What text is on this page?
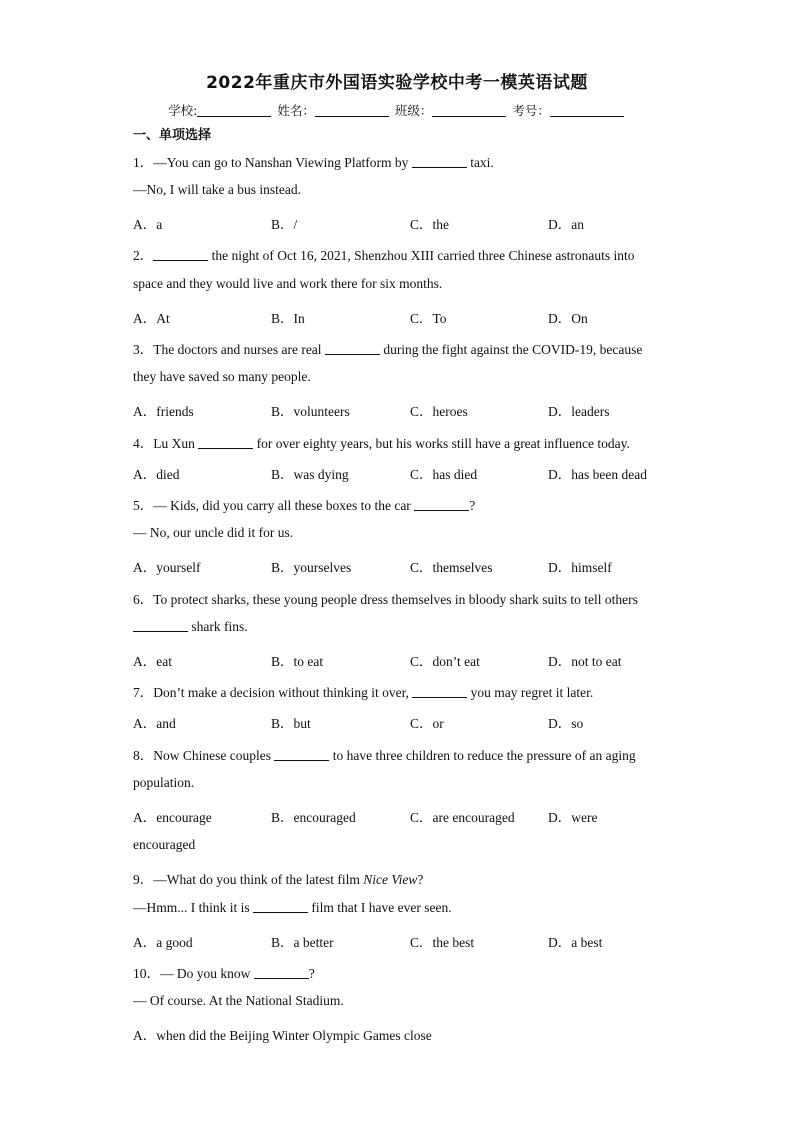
2022年重庆市外国语实验学校中考一模英语试题
学校:	姓名：	班级：	考号：
一、单项选择
1．—You can go to Nanshan Viewing Platform by	taxi.
—No, I will take a bus instead.
A．a	B．/	C．the	D．an
2．	the night of Oct 16, 2021, Shenzhou XIII carried three Chinese astronauts into
space and they would live and work there for six months.
A．At	B．In	C．To	D．On
3．The doctors and nurses are real	during the fight against the COVID-19, because
they have saved so many people.
A．friends	B．volunteers	C．heroes	D．leaders
4．Lu Xun	for over eighty years, but his works still have a great influence today.
A．died	B．was dying	C．has died	D．has been dead
5．— Kids, did you carry all these boxes to the car	?
— No, our uncle did it for us.
A．yourself	B．yourselves	C．themselves	D．himself
6．To protect sharks, these young people dress themselves in bloody shark suits to tell others
shark fins.
A．eat	B．to eat	C．don’t eat	D．not to eat
7．Don’t make a decision without thinking it over,	you may regret it later.
A．and	B．but	C．or	D．so
8．Now Chinese couples	to have three children to reduce the pressure of an aging
population.
A．encourage	B．encouraged	C．are encouraged D．were
encouraged
9．—What do you think of the latest film Nice View?
—Hmm... I think it is	film that I have ever seen.
A．a good	B．a better	C．the best	D．a best
10．— Do you know	?
— Of course. At the National Stadium.
A．when did the Beijing Winter Olympic Games close
